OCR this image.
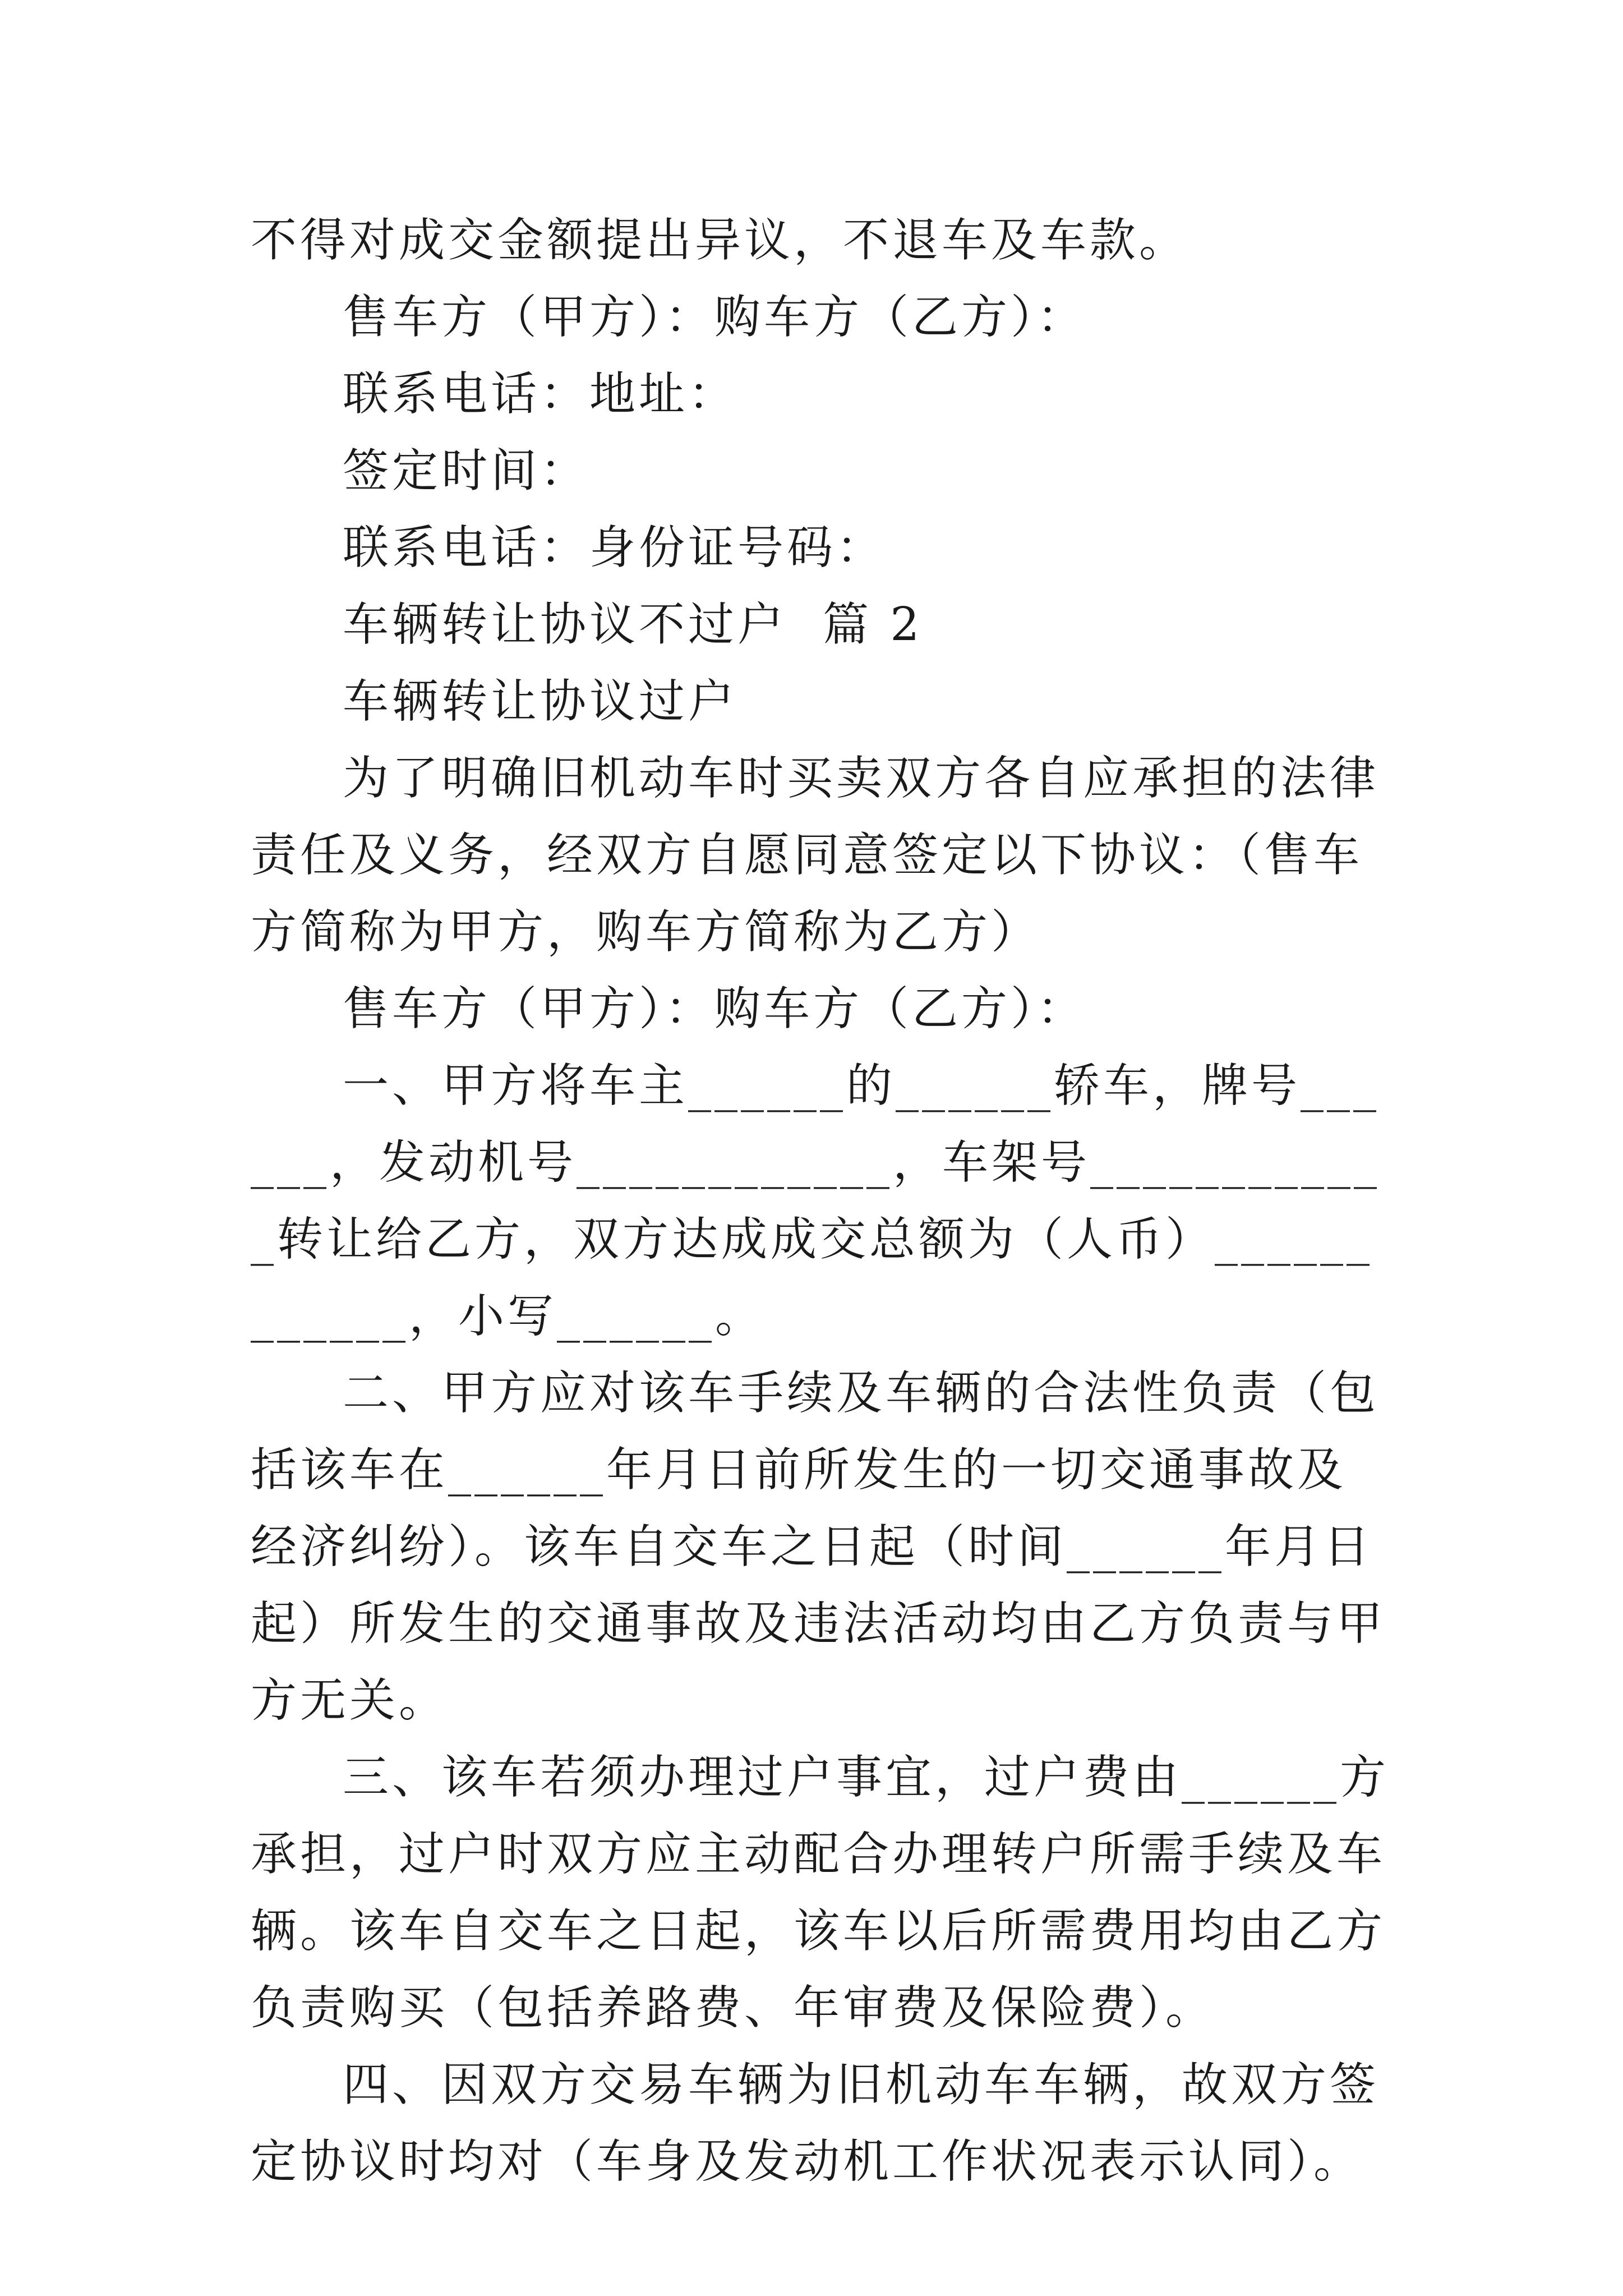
不得对成交金额提出异议，不退车及车款。

售车方（甲方）：购车方（乙方）：

联系电话：地址：

签定时间：

联系电话：身份证号码：

车辆转让协议不过户  篇 2

车辆转让协议过户

为了明确旧机动车时买卖双方各自应承担的法律责任及义务，经双方自愿同意签定以下协议：（售车方简称为甲方，购车方简称为乙方）

售车方（甲方）：购车方（乙方）：

一、甲方将车主______的______轿车，牌号______，发动机号____________，车架号____________转让给乙方，双方达成成交总额为（人币）____________，小写______。

二、甲方应对该车手续及车辆的合法性负责（包括该车在______年月日前所发生的一切交通事故及经济纠纷）。该车自交车之日起（时间______年月日起）所发生的交通事故及违法活动均由乙方负责与甲方无关。

三、该车若须办理过户事宜，过户费由______方承担，过户时双方应主动配合办理转户所需手续及车辆。该车自交车之日起，该车以后所需费用均由乙方负责购买（包括养路费、年审费及保险费）。

四、因双方交易车辆为旧机动车车辆，故双方签定协议时均对（车身及发动机工作状况表示认同）。
